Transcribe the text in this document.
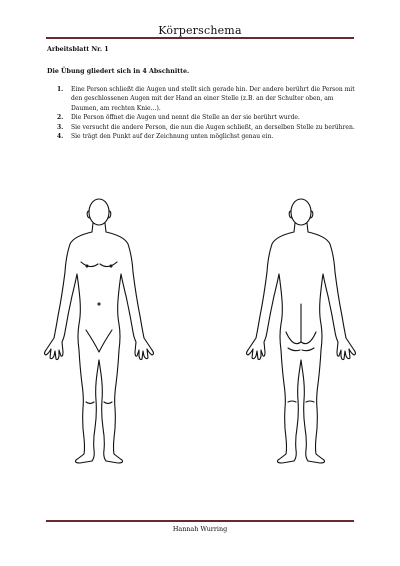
Körperschema
Arbeitsblatt Nr. 1
Die Übung gliedert sich in 4 Abschnitte.
1. Eine Person schließt die Augen und stellt sich gerade hin. Der andere berührt die Person mit den geschlossenen Augen mit der Hand an einer Stelle (z.B. an der Schulter oben, am Daumen, am rechten Knie…).
2. Die Person öffnet die Augen und nennt die Stelle an der sie berührt wurde.
3. Sie versucht die andere Person, die nun die Augen schließt, an derselben Stelle zu berühren.
4. Sie trägt den Punkt auf der Zeichnung unten möglichst genau ein.
Hannah Wurring
